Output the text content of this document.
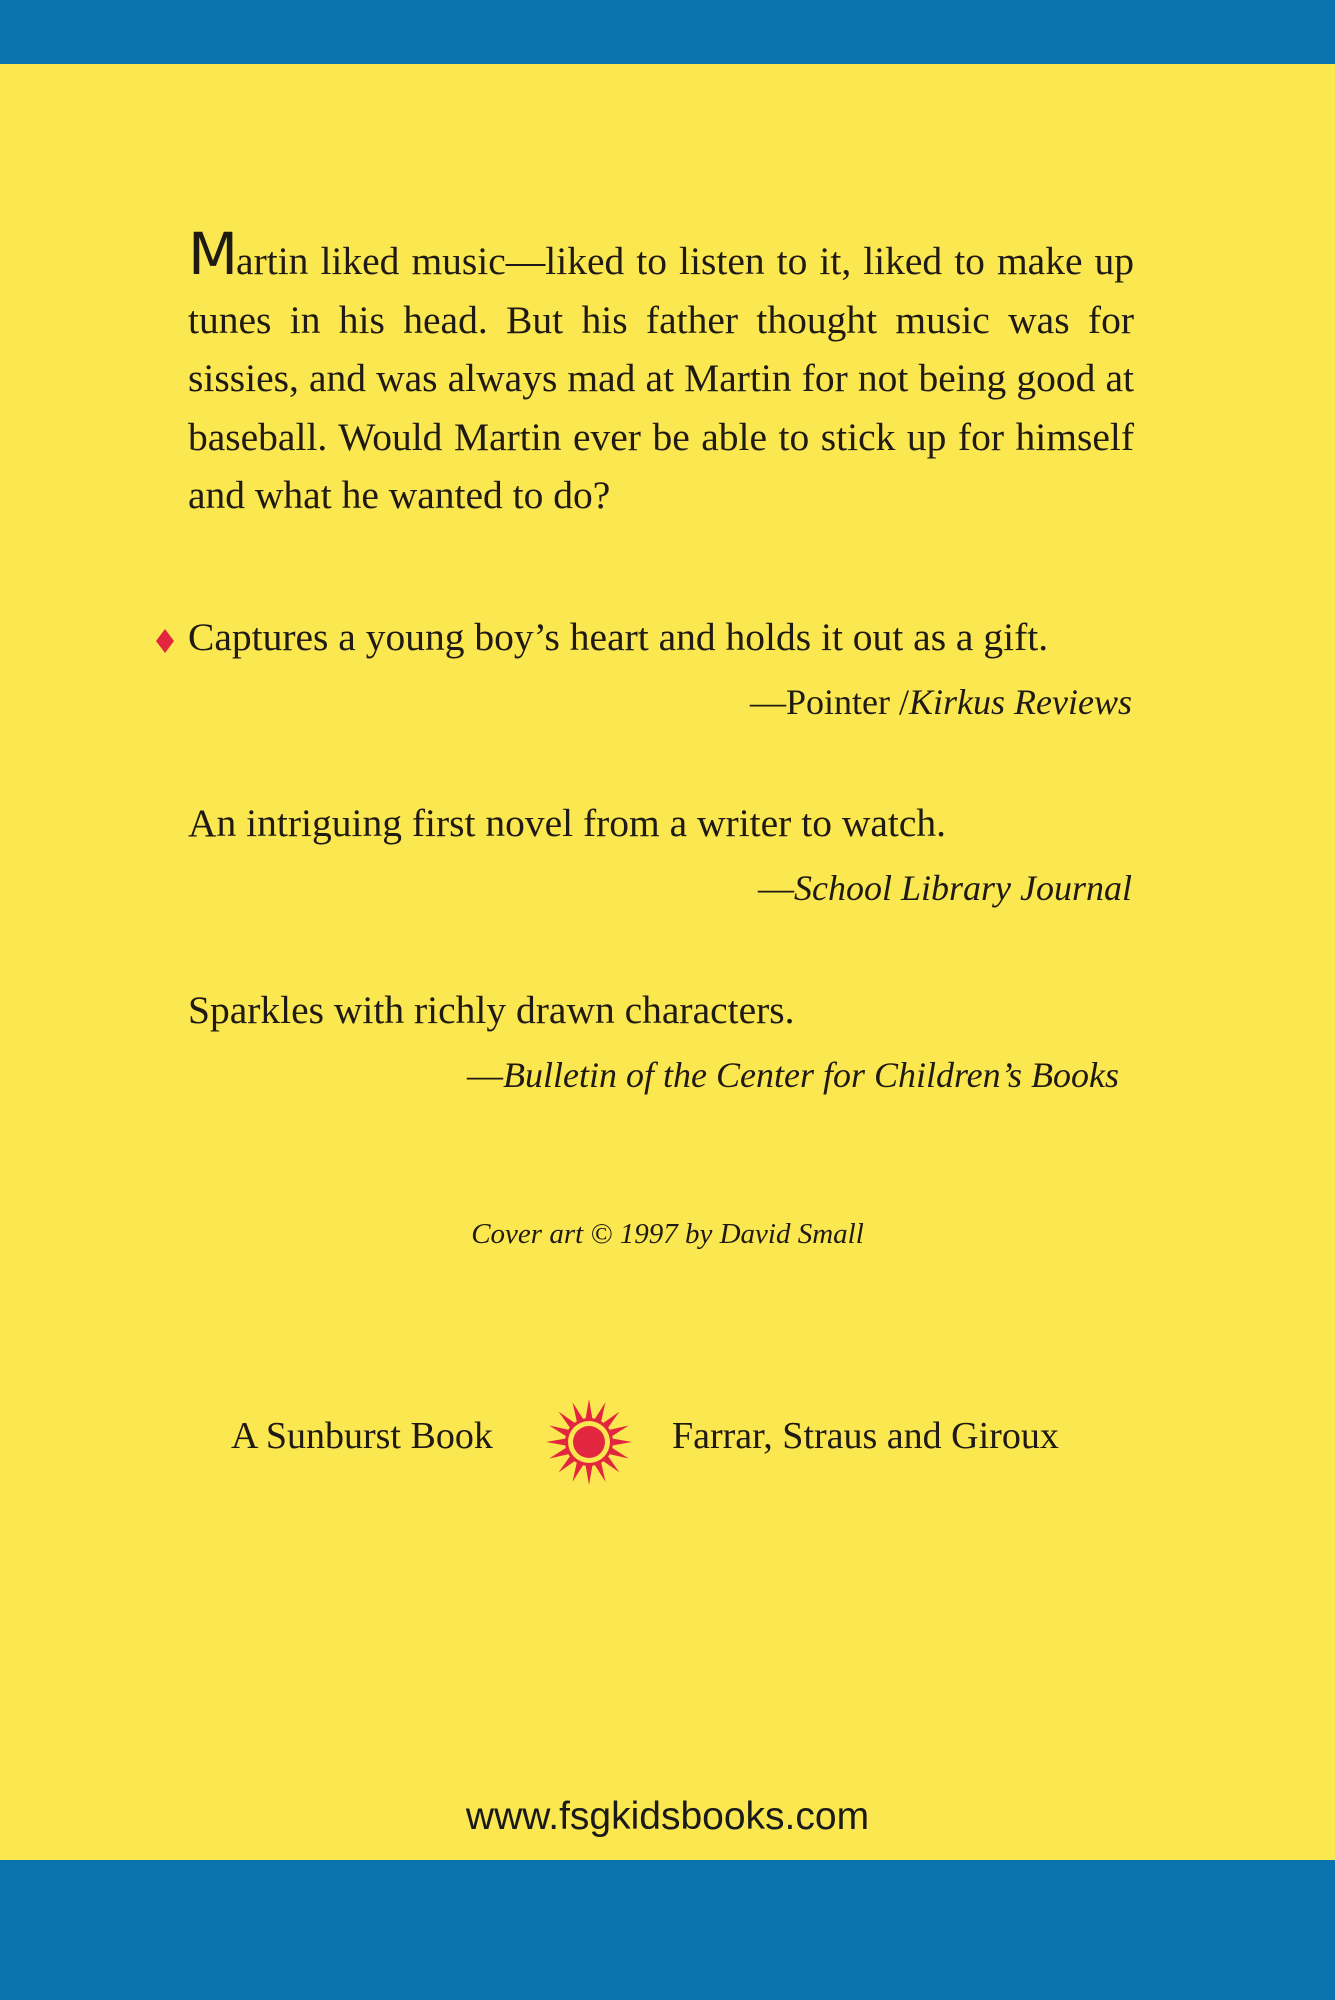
Martin liked music—liked to listen to it, liked to make up tunes in his head. But his father thought music was for sissies, and was always mad at Martin for not being good at baseball. Would Martin ever be able to stick up for himself and what he wanted to do?

Captures a young boy’s heart and holds it out as a gift.

—Pointer /Kirkus Reviews

An intriguing first novel from a writer to watch.

—School Library Journal

Sparkles with richly drawn characters.

—Bulletin of the Center for Children’s Books

Cover art © 1997 by David Small

A Sunburst Book	Farrar, Straus and Giroux

www.fsgkidsbooks.com
